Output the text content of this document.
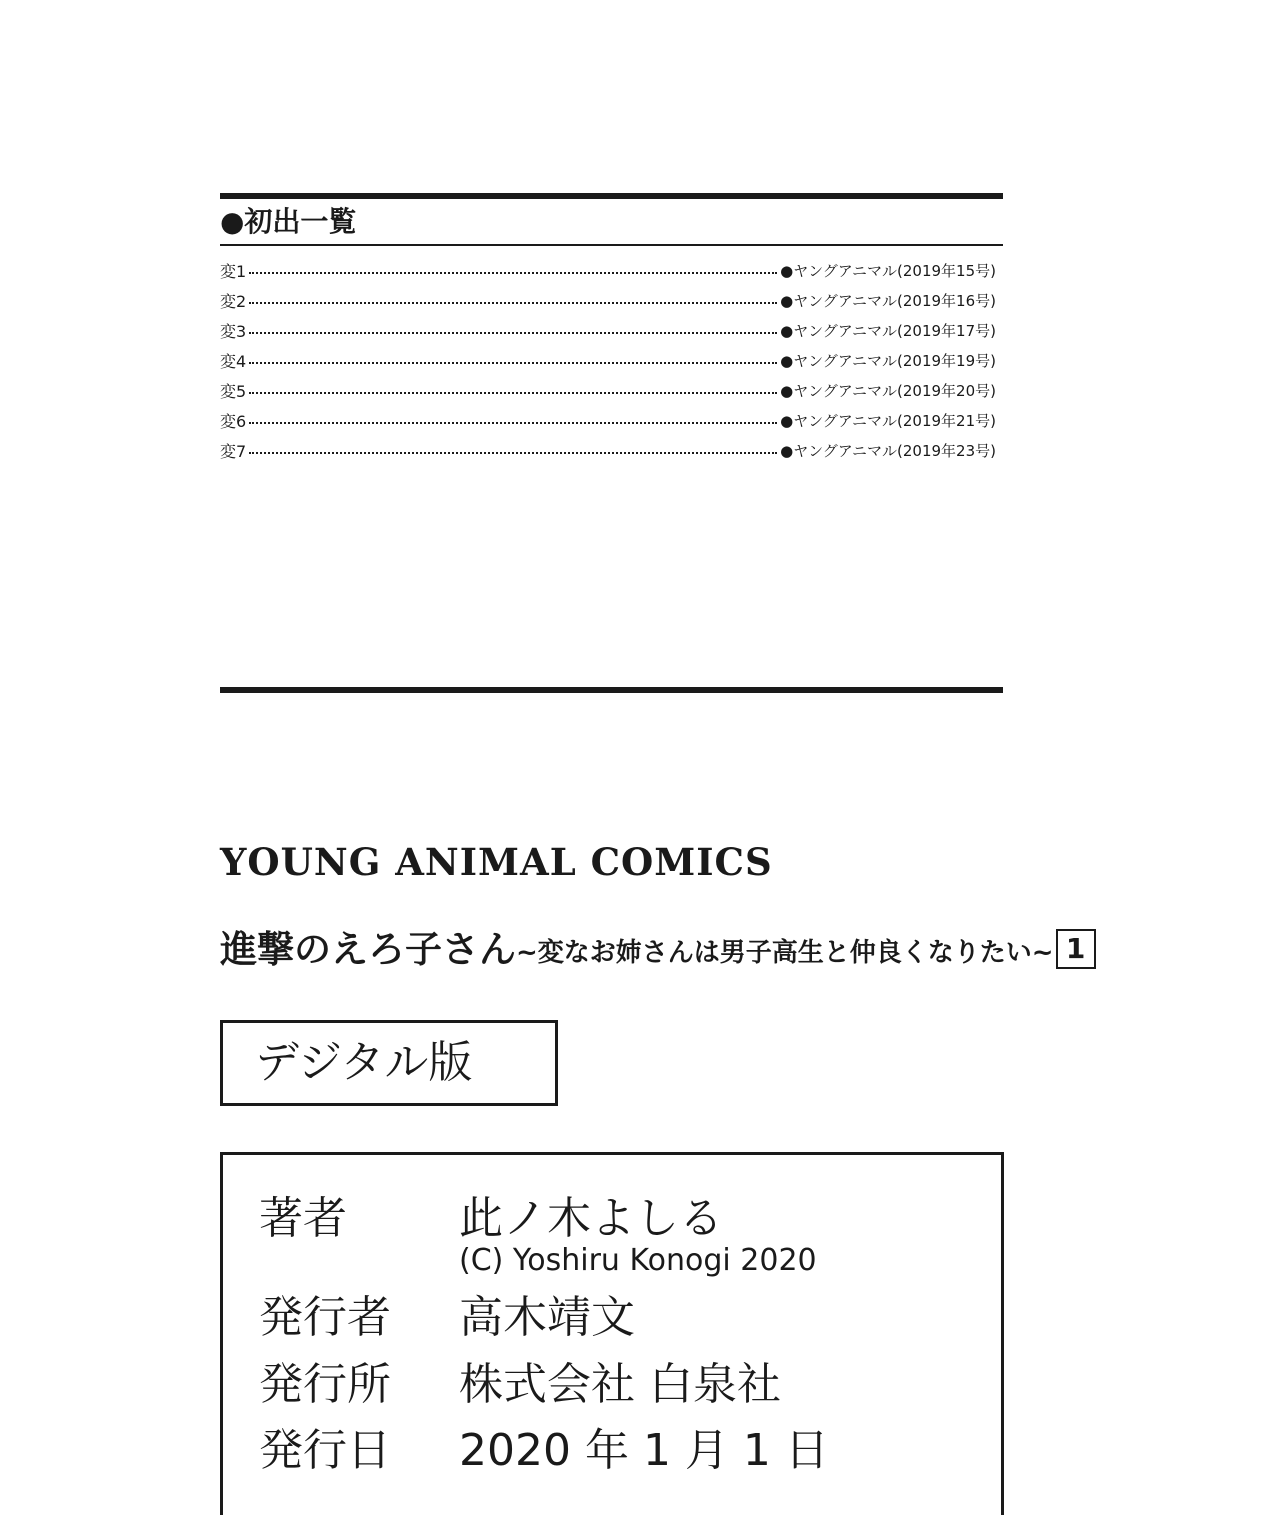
●初出一覧
変1	●ヤングアニマル(2019年15号)
変2	●ヤングアニマル(2019年16号)
変3	●ヤングアニマル(2019年17号)
変4	●ヤングアニマル(2019年19号)
変5	●ヤングアニマル(2019年20号)
変6	●ヤングアニマル(2019年21号)
変7	●ヤングアニマル(2019年23号)
YOUNG ANIMAL COMICS
進撃のえろ子さん ~変なお姉さんは男子高生と仲良くなりたい~ 1
デジタル版
著者	此ノ木よしる
(C) Yoshiru Konogi 2020
発行者 高木靖文
発行所 株式会社 白泉社
発行日 2020 年 1 月 1 日
